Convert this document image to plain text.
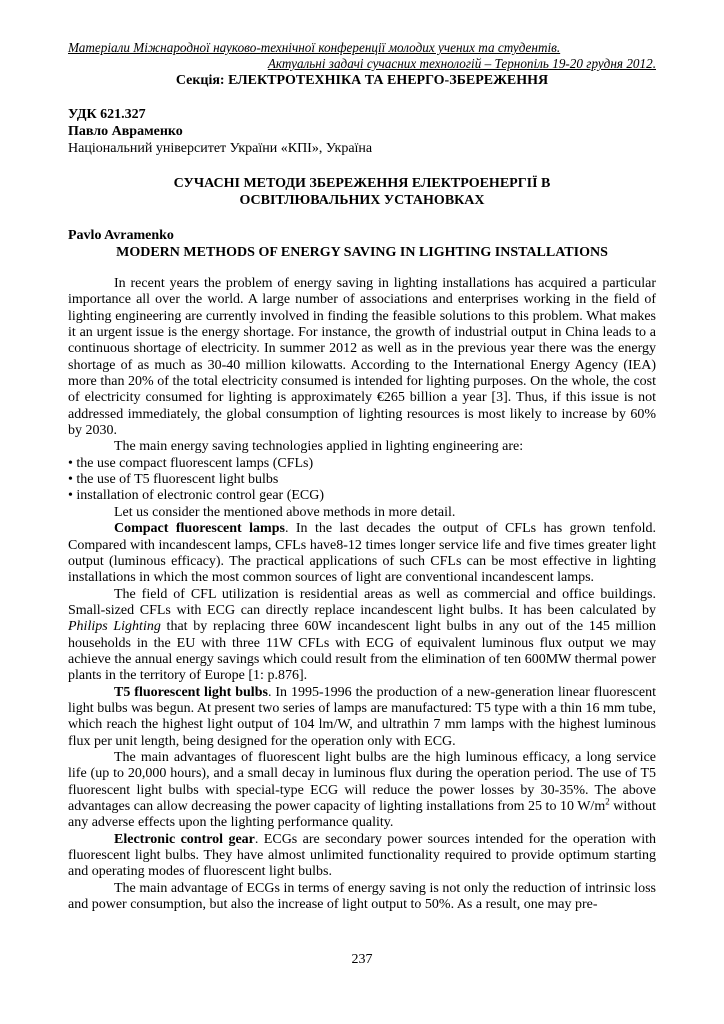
Матеріали Міжнародної науково-технічної конференції молодих учених та студентів.
Актуальні задачі сучасних технологій – Тернопіль 19-20 грудня 2012.
Секція: ЕЛЕКТРОТЕХНІКА ТА ЕНЕРГО-ЗБЕРЕЖЕННЯ
УДК 621.327
Павло Авраменко
Національний університет України «КПІ», Україна
СУЧАСНІ МЕТОДИ ЗБЕРЕЖЕННЯ ЕЛЕКТРОЕНЕРГІЇ В
ОСВІТЛЮВАЛЬНИХ УСТАНОВКАХ
Pavlo Avramenko
MODERN METHODS OF ENERGY SAVING IN LIGHTING INSTALLATIONS

In recent years the problem of energy saving in lighting installations has acquired a particular importance all over the world. A large number of associations and enterprises working in the field of lighting engineering are currently involved in finding the feasible solutions to this problem. What makes it an urgent issue is the energy shortage. For instance, the growth of industrial output in China leads to a continuous shortage of electricity. In summer 2012 as well as in the previous year there was the energy shortage of as much as 30-40 million kilowatts. According to the International Energy Agency (IEA) more than 20% of the total electricity consumed is intended for lighting purposes. On the whole, the cost of electricity consumed for lighting is approximately €265 billion a year [3]. Thus, if this issue is not addressed immediately, the global consumption of lighting resources is most likely to increase by 60% by 2030.

The main energy saving technologies applied in lighting engineering are:

• the use compact fluorescent lamps (CFLs)

• the use of T5 fluorescent light bulbs

• installation of electronic control gear (ECG)

Let us consider the mentioned above methods in more detail.

Compact fluorescent lamps. In the last decades the output of CFLs has grown tenfold. Compared with incandescent lamps, CFLs have8-12 times longer service life and five times greater light output (luminous efficacy). The practical applications of such CFLs can be most effective in lighting installations in which the most common sources of light are conventional incandescent lamps.

The field of CFL utilization is residential areas as well as commercial and office buildings. Small-sized CFLs with ECG can directly replace incandescent light bulbs. It has been calculated by Philips Lighting that by replacing three 60W incandescent light bulbs in any out of the 145 million households in the EU with three 11W CFLs with ECG of equivalent luminous flux output we may achieve the annual energy savings which could result from the elimination of ten 600MW thermal power plants in the territory of Europe [1: p.876].

T5 fluorescent light bulbs. In 1995-1996 the production of a new-generation linear fluorescent light bulbs was begun. At present two series of lamps are manufactured: T5 type with a thin 16 mm tube, which reach the highest light output of 104 lm/W, and ultrathin 7 mm lamps with the highest luminous flux per unit length, being designed for the operation only with ECG.

The main advantages of fluorescent light bulbs are the high luminous efficacy, a long service life (up to 20,000 hours), and a small decay in luminous flux during the operation period. The use of T5 fluorescent light bulbs with special-type ECG will reduce the power losses by 30-35%. The above advantages can allow decreasing the power capacity of lighting installations from 25 to 10 $W/m^2$ without any adverse effects upon the lighting performance quality.

Electronic control gear. ECGs are secondary power sources intended for the operation with fluorescent light bulbs. They have almost unlimited functionality required to provide optimum starting and operating modes of fluorescent light bulbs.

The main advantage of ECGs in terms of energy saving is not only the reduction of intrinsic loss and power consumption, but also the increase of light output to 50%. As a result, one may pre-

237
